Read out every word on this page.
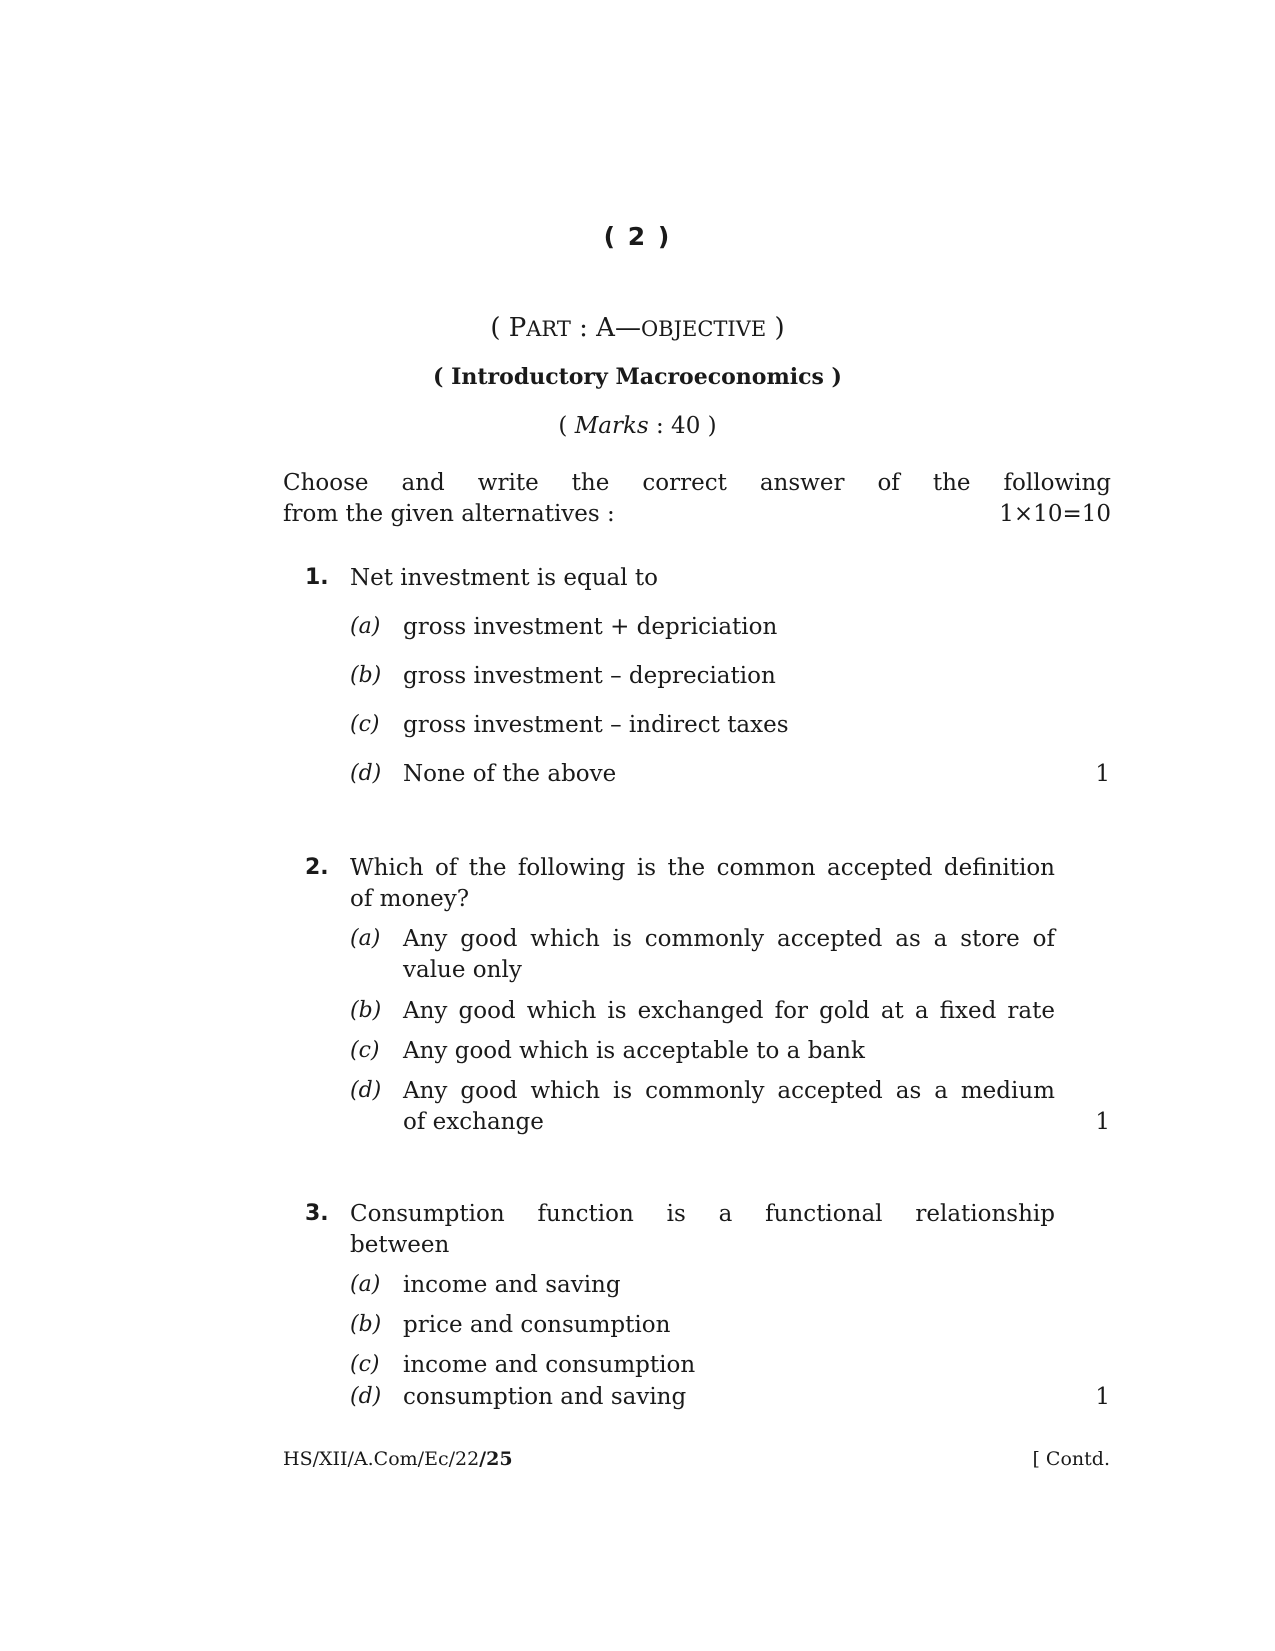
( 2 )
( PART : A—OBJECTIVE )
( Introductory Macroeconomics )
( Marks : 40 )
Choose and write the correct answer of the following
from the given alternatives :	1×10=10
1. Net investment is equal to
(a) gross investment + depriciation
(b) gross investment – depreciation
(c) gross investment – indirect taxes
(d) None of the above	1
2. Which of the following is the common accepted definition
of money?
(a) Any good which is commonly accepted as a store of
value only
(b) Any good which is exchanged for gold at a fixed rate
(c) Any good which is acceptable to a bank
(d) Any good which is commonly accepted as a medium
of exchange	1
3. Consumption function is a functional relationship
between
(a) income and saving
(b) price and consumption
(c) income and consumption
(d) consumption and saving	1
HS/XII/A.Com/Ec/22/25	[ Contd.
